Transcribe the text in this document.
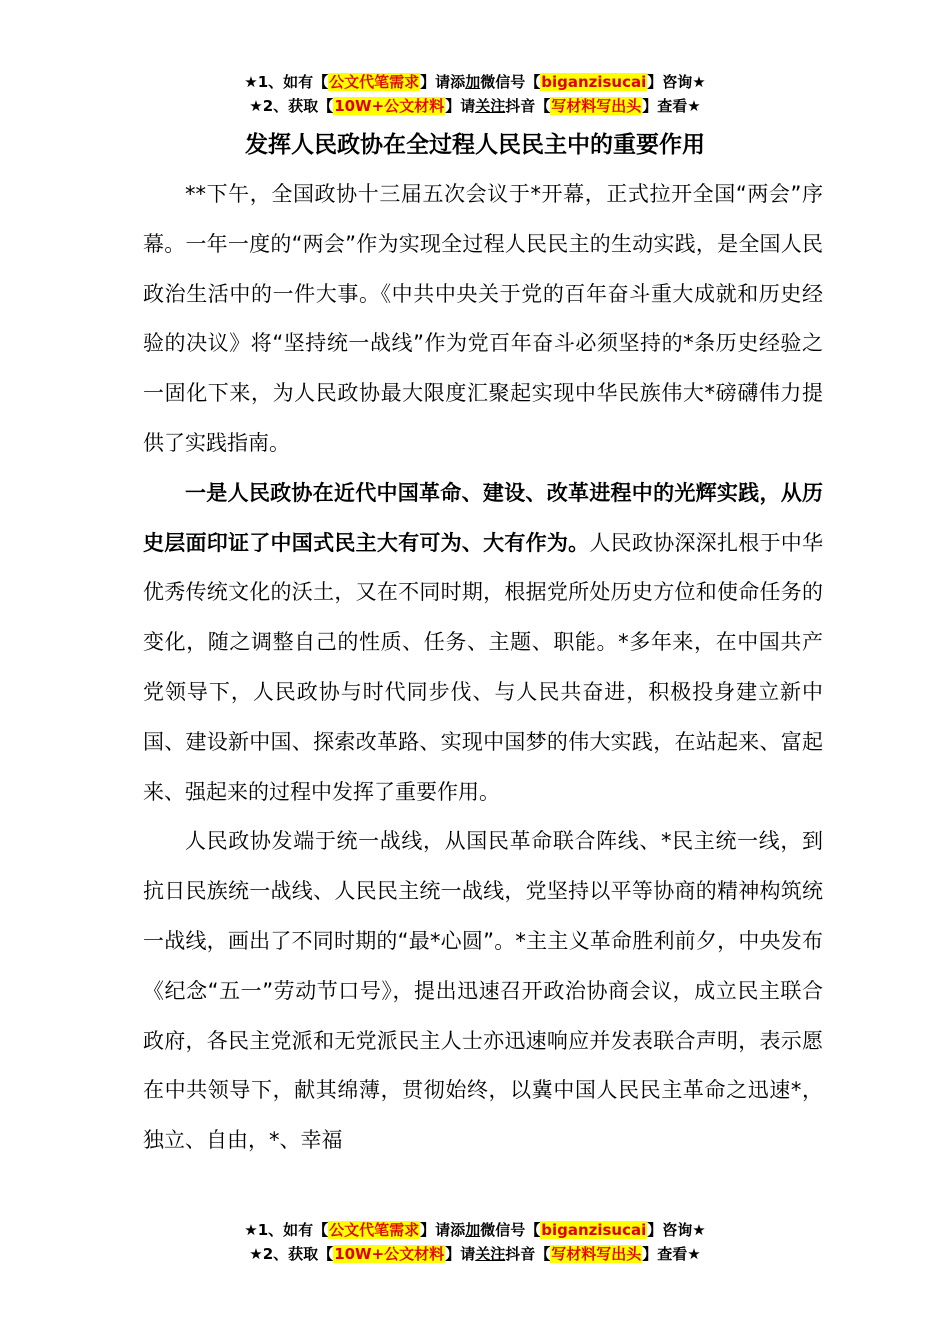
★1、如有【公文代笔需求】请添加微信号【biganzisucai】咨询★
★2、获取【10W+公文材料】请关注抖音【写材料写出头】查看★
发挥人民政协在全过程人民民主中的重要作用

**下午，全国政协十三届五次会议于*开幕，正式拉开全国“两会”序幕。一年一度的“两会”作为实现全过程人民民主的生动实践，是全国人民政治生活中的一件大事。《中共中央关于党的百年奋斗重大成就和历史经验的决议》将“坚持统一战线”作为党百年奋斗必须坚持的*条历史经验之一固化下来，为人民政协最大限度汇聚起实现中华民族伟大*磅礴伟力提供了实践指南。

一是人民政协在近代中国革命、建设、改革进程中的光辉实践，从历史层面印证了中国式民主大有可为、大有作为。人民政协深深扎根于中华优秀传统文化的沃土，又在不同时期，根据党所处历史方位和使命任务的变化，随之调整自己的性质、任务、主题、职能。*多年来，在中国共产党领导下，人民政协与时代同步伐、与人民共奋进，积极投身建立新中国、建设新中国、探索改革路、实现中国梦的伟大实践，在站起来、富起来、强起来的过程中发挥了重要作用。

人民政协发端于统一战线，从国民革命联合阵线、*民主统一线，到抗日民族统一战线、人民民主统一战线，党坚持以平等协商的精神构筑统一战线，画出了不同时期的“最*心圆”。*主主义革命胜利前夕，中央发布《纪念“五一”劳动节口号》，提出迅速召开政治协商会议，成立民主联合政府，各民主党派和无党派民主人士亦迅速响应并发表联合声明，表示愿在中共领导下，献其绵薄，贯彻始终，以冀中国人民民主革命之迅速*，独立、自由，*、幸福

★1、如有【公文代笔需求】请添加微信号【biganzisucai】咨询★
★2、获取【10W+公文材料】请关注抖音【写材料写出头】查看★
